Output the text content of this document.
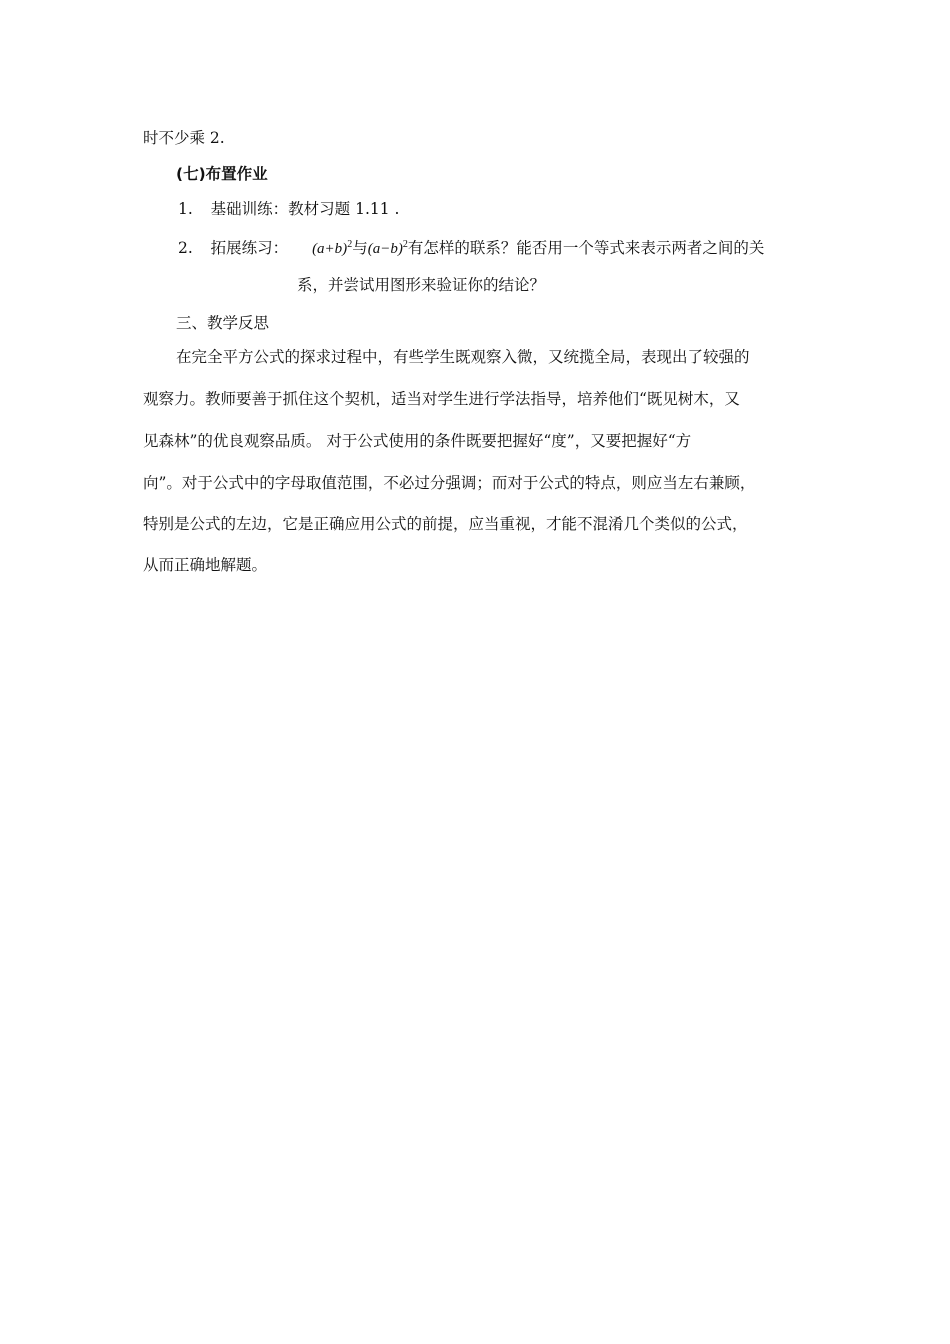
时不少乘 2.
(七)布置作业
1. 基础训练：教材习题 1.11 .
2. 拓展练习： $(a+b)^2$与$(a-b)^2$有怎样的联系？能否用一个等式来表示两者之间的关
系，并尝试用图形来验证你的结论？
三、教学反思
在完全平方公式的探求过程中，有些学生既观察入微，又统揽全局，表现出了较强的
观察力。教师要善于抓住这个契机，适当对学生进行学法指导，培养他们“既见树木，又
见森林”的优良观察品质。 对于公式使用的条件既要把握好“度”，又要把握好“方
向”。对于公式中的字母取值范围，不必过分强调；而对于公式的特点，则应当左右兼顾，
特别是公式的左边，它是正确应用公式的前提，应当重视，才能不混淆几个类似的公式，
从而正确地解题。
